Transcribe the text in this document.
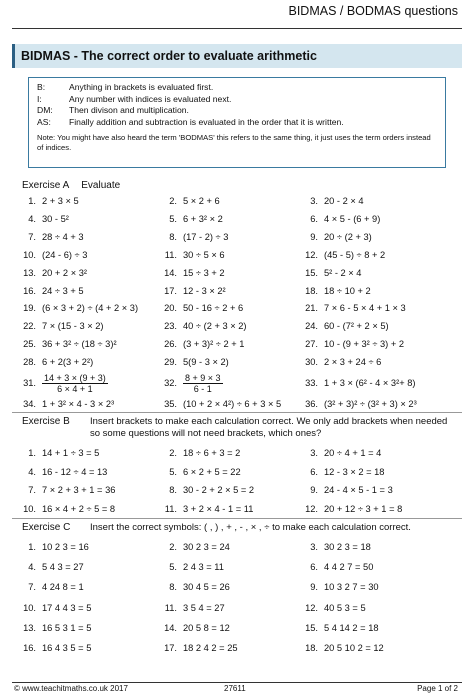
BIDMAS / BODMAS questions
BIDMAS - The correct order to evaluate arithmetic
B:	Anything in brackets is evaluated first.
I:	Any number with indices is evaluated next.
DM:	Then divison and multiplication.
AS:	Finally addition and subtraction is evaluated in the order that it is written.
Note: You might have also heard the term 'BODMAS' this refers to the same thing, it just uses the term orders instead of indices.
Exercise A Evaluate
1. 2 + 3 × 5	2. 5 × 2 + 6	3. 20 - 2 × 4
4. 30 - 5²	5. 6 + 3² × 2	6. 4 × 5 - (6 + 9)
7. 28 ÷ 4 + 3	8. (17 - 2) ÷ 3	9. 20 ÷ (2 + 3)
10. (24 - 6) ÷ 3	11. 30 ÷ 5 × 6	12. (45 - 5) ÷ 8 + 2
13. 20 + 2 × 3²	14. 15 ÷ 3 + 2	15. 5² - 2 × 4
16. 24 ÷ 3 + 5	17. 12 - 3 × 2²	18. 18 ÷ 10 + 2
19. (6 × 3 + 2) ÷ (4 + 2 × 3)	20. 50 - 16 ÷ 2 + 6	21. 7 × 6 - 5 × 4 + 1 × 3
22. 7 × (15 - 3 × 2)	23. 40 ÷ (2 + 3 × 2)	24. 60 - (7² + 2 × 5)
25. 36 + 3² ÷ (18 ÷ 3)²	26. (3 + 3)² ÷ 2 + 1	27. 10 - (9 + 3² ÷ 3) + 2
28. 6 + 2(3 + 2²)	29. 5(9 - 3 × 2)	30. 2 × 3 + 24 ÷ 6
31. $\frac{14 + 3 \times (9 + 3)}{6 \times 4 + 1}$	32. $\frac{8 + 9 \times 3}{6 - 1}$	33. 1 + 3 × (6² - 4 × 3²+ 8)
34. 1 + 3² × 4 - 3 × 2³	35. (10 + 2 × 4²) ÷ 6 + 3 × 5	36. (3² + 3)² ÷ (3² + 3) × 2³
Exercise B Insert brackets to make each calculation correct. We only add brackets when needed so some questions will not need brackets, which ones?
1. 14 + 1 ÷ 3 = 5	2. 18 ÷ 6 + 3 = 2	3. 20 ÷ 4 + 1 = 4
4. 16 - 12 ÷ 4 = 13	5. 6 × 2 + 5 = 22	6. 12 - 3 × 2 = 18
7. 7 × 2 + 3 + 1 = 36	8. 30 - 2 + 2 × 5 = 2	9. 24 - 4 × 5 - 1 = 3
10. 16 × 4 + 2 ÷ 5 = 8	11. 3 + 2 × 4 - 1 = 11	12. 20 + 12 ÷ 3 + 1 = 8
Exercise C Insert the correct symbols: ( , ) , + , - , × , ÷ to make each calculation correct.
1. 10 2 3 = 16	2. 30 2 3 = 24	3. 30 2 3 = 18
4. 5 4 3 = 27	5. 2 4 3 = 11	6. 4 4 2 7 = 50
7. 4 24 8 = 1	8. 30 4 5 = 26	9. 10 3 2 7 = 30
10. 17 4 4 3 = 5	11. 3 5 4 = 27	12. 40 5 3 = 5
13. 16 5 3 1 = 5	14. 20 5 8 = 12	15. 5 4 14 2 = 18
16. 16 4 3 5 = 5	17. 18 2 4 2 = 25	18. 20 5 10 2 = 12
© www.teachitmaths.co.uk 2017	27611	Page 1 of 2
